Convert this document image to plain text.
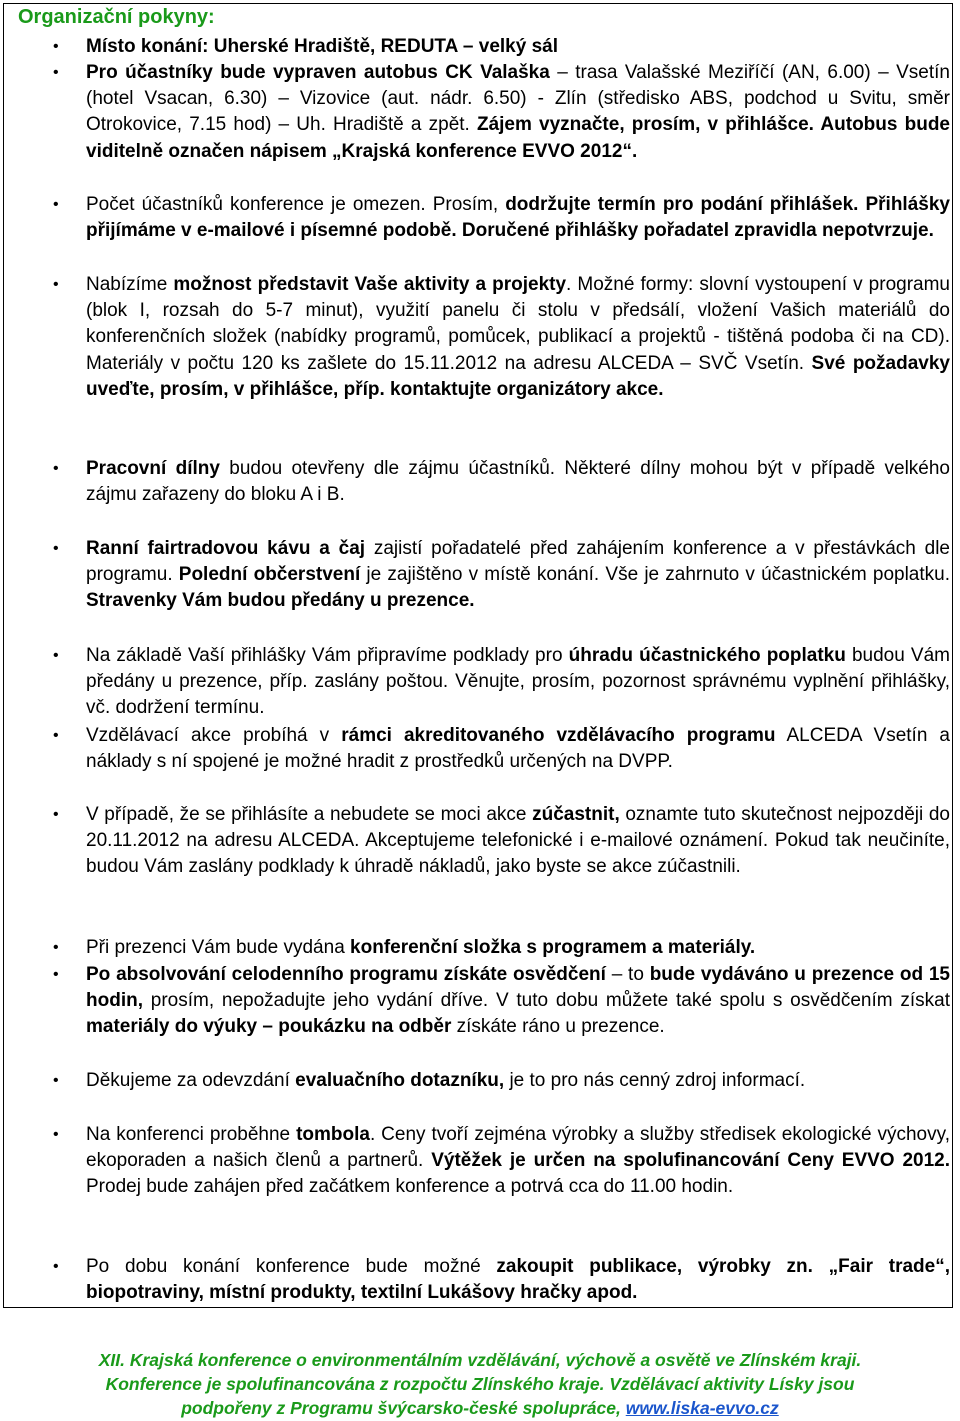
Organizační pokyny:
• Místo konání: Uherské Hradiště, REDUTA – velký sál
• Pro účastníky bude vypraven autobus CK Valaška – trasa Valašské Meziříčí (AN, 6.00) – Vsetín (hotel Vsacan, 6.30) – Vizovice (aut. nádr. 6.50) - Zlín (středisko ABS, podchod u Svitu, směr Otrokovice, 7.15 hod) – Uh. Hradiště a zpět. Zájem vyznačte, prosím, v přihlášce. Autobus bude viditelně označen nápisem „Krajská konference EVVO 2012“.
• Počet účastníků konference je omezen. Prosím, dodržujte termín pro podání přihlášek. Přihlášky přijímáme v e-mailové i písemné podobě. Doručené přihlášky pořadatel zpravidla nepotvrzuje.
• Nabízíme možnost představit Vaše aktivity a projekty. Možné formy: slovní vystoupení v programu (blok I, rozsah do 5-7 minut), využití panelu či stolu v předsálí, vložení Vašich materiálů do konferenčních složek (nabídky programů, pomůcek, publikací a projektů - tištěná podoba či na CD). Materiály v počtu 120 ks zašlete do 15.11.2012 na adresu ALCEDA – SVČ Vsetín. Své požadavky uveďte, prosím, v přihlášce, příp. kontaktujte organizátory akce.
• Pracovní dílny budou otevřeny dle zájmu účastníků. Některé dílny mohou být v případě velkého zájmu zařazeny do bloku A i B.
• Ranní fairtradovou kávu a čaj zajistí pořadatelé před zahájením konference a v přestávkách dle programu. Polední občerstvení je zajištěno v místě konání. Vše je zahrnuto v účastnickém poplatku. Stravenky Vám budou předány u prezence.
• Na základě Vaší přihlášky Vám připravíme podklady pro úhradu účastnického poplatku budou Vám předány u prezence, příp. zaslány poštou. Věnujte, prosím, pozornost správnému vyplnění přihlášky, vč. dodržení termínu.
• Vzdělávací akce probíhá v rámci akreditovaného vzdělávacího programu ALCEDA Vsetín a náklady s ní spojené je možné hradit z prostředků určených na DVPP.
• V případě, že se přihlásíte a nebudete se moci akce zúčastnit, oznamte tuto skutečnost nejpozději do 20.11.2012 na adresu ALCEDA. Akceptujeme telefonické i e-mailové oznámení. Pokud tak neučiníte, budou Vám zaslány podklady k úhradě nákladů, jako byste se akce zúčastnili.
• Při prezenci Vám bude vydána konferenční složka s programem a materiály.
• Po absolvování celodenního programu získáte osvědčení – to bude vydáváno u prezence od 15 hodin, prosím, nepožadujte jeho vydání dříve. V tuto dobu můžete také spolu s osvědčením získat materiály do výuky – poukázku na odběr získáte ráno u prezence.
• Děkujeme za odevzdání evaluačního dotazníku, je to pro nás cenný zdroj informací.
• Na konferenci proběhne tombola. Ceny tvoří zejména výrobky a služby středisek ekologické výchovy, ekoporaden a našich členů a partnerů. Výtěžek je určen na spolufinancování Ceny EVVO 2012. Prodej bude zahájen před začátkem konference a potrvá cca do 11.00 hodin.
• Po dobu konání konference bude možné zakoupit publikace, výrobky zn. „Fair trade“, biopotraviny, místní produkty, textilní Lukášovy hračky apod.
XII. Krajská konference o environmentálním vzdělávání, výchově a osvětě ve Zlínském kraji.
Konference je spolufinancována z rozpočtu Zlínského kraje. Vzdělávací aktivity Lísky jsou
podpořeny z Programu švýcarsko-české spolupráce, www.liska-evvo.cz
